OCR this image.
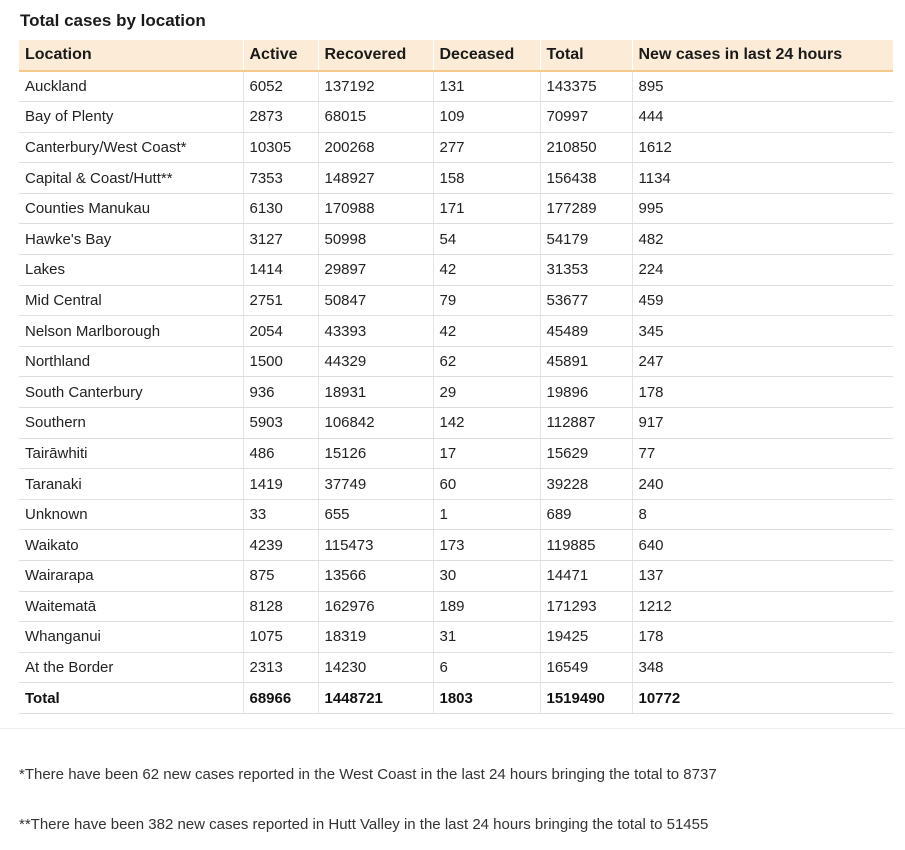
Total cases by location
Location	Active	Recovered	Deceased	Total	New cases in last 24 hours
Auckland	6052	137192	131	143375	895
Bay of Plenty	2873	68015	109	70997	444
Canterbury/West Coast*	10305	200268	277	210850	1612
Capital & Coast/Hutt**	7353	148927	158	156438	1134
Counties Manukau	6130	170988	171	177289	995
Hawke's Bay	3127	50998	54	54179	482
Lakes	1414	29897	42	31353	224
Mid Central	2751	50847	79	53677	459
Nelson Marlborough	2054	43393	42	45489	345
Northland	1500	44329	62	45891	247
South Canterbury	936	18931	29	19896	178
Southern	5903	106842	142	112887	917
Tairāwhiti	486	15126	17	15629	77
Taranaki	1419	37749	60	39228	240
Unknown	33	655	1	689	8
Waikato	4239	115473	173	119885	640
Wairarapa	875	13566	30	14471	137
Waitematā	8128	162976	189	171293	1212
Whanganui	1075	18319	31	19425	178
At the Border	2313	14230	6	16549	348
Total	68966	1448721	1803	1519490	10772

*There have been 62 new cases reported in the West Coast in the last 24 hours bringing the total to 8737

**There have been 382 new cases reported in Hutt Valley in the last 24 hours bringing the total to 51455
